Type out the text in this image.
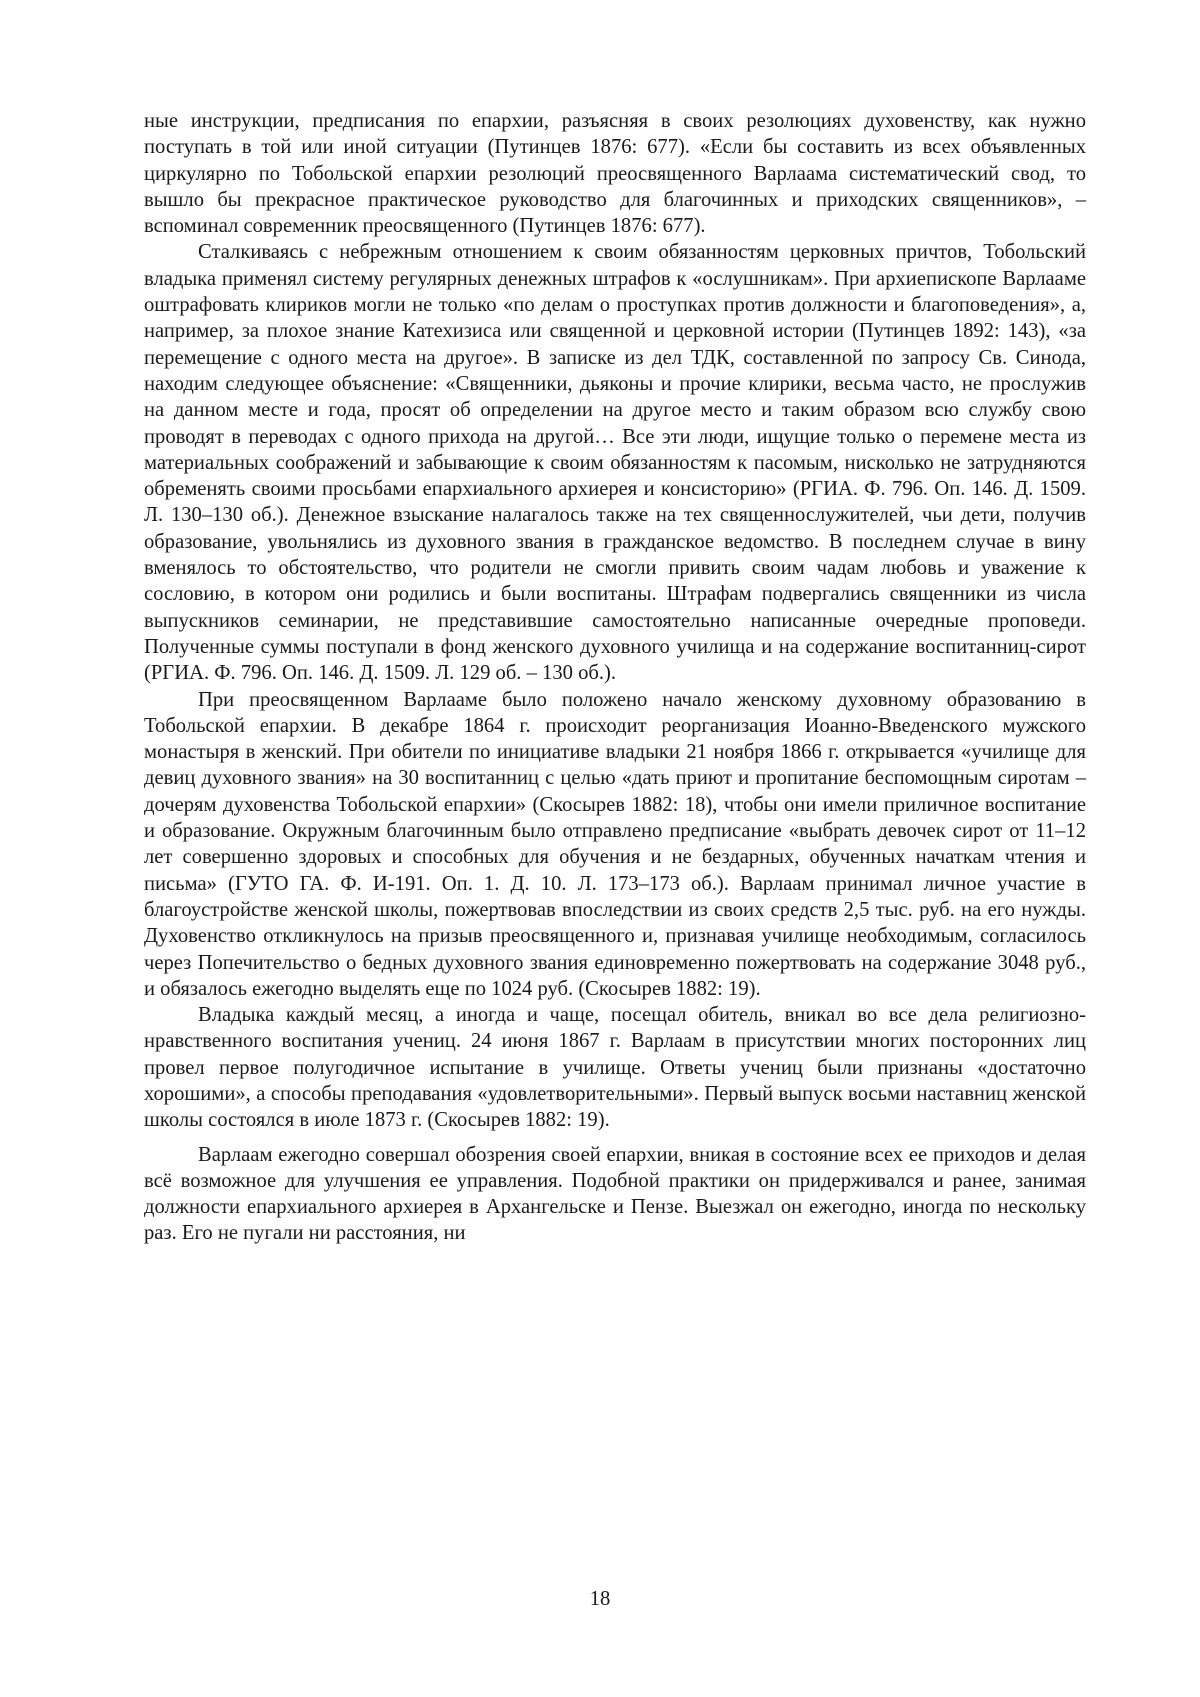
ные инструкции, предписания по епархии, разъясняя в своих резолюциях духовенству, как нужно поступать в той или иной ситуации (Путинцев 1876: 677). «Если бы составить из всех объявленных циркулярно по Тобольской епархии резолюций преосвященного Варлаама систематический свод, то вышло бы прекрасное практическое руководство для благочинных и приходских священников», – вспоминал современник преосвященного (Путинцев 1876: 677).

Сталкиваясь с небрежным отношением к своим обязанностям церковных причтов, Тобольский владыка применял систему регулярных денежных штрафов к «ослушникам». При архиепископе Варлааме оштрафовать клириков могли не только «по делам о проступках против должности и благоповедения», а, например, за плохое знание Катехизиса или священной и церковной истории (Путинцев 1892: 143), «за перемещение с одного места на другое». В записке из дел ТДК, составленной по запросу Св. Синода, находим следующее объяснение: «Священники, дьяконы и прочие клирики, весьма часто, не прослужив на данном месте и года, просят об определении на другое место и таким образом всю службу свою проводят в переводах с одного прихода на другой… Все эти люди, ищущие только о перемене места из материальных соображений и забывающие к своим обязанностям к пасомым, нисколько не затрудняются обременять своими просьбами епархиального архиерея и консисторию» (РГИА. Ф. 796. Оп. 146. Д. 1509. Л. 130–130 об.). Денежное взыскание налагалось также на тех священнослужителей, чьи дети, получив образование, увольнялись из духовного звания в гражданское ведомство. В последнем случае в вину вменялось то обстоятельство, что родители не смогли привить своим чадам любовь и уважение к сословию, в котором они родились и были воспитаны. Штрафам подвергались священники из числа выпускников семинарии, не представившие самостоятельно написанные очередные проповеди. Полученные суммы поступали в фонд женского духовного училища и на содержание воспитанниц-сирот (РГИА. Ф. 796. Оп. 146. Д. 1509. Л. 129 об. – 130 об.).

При преосвященном Варлааме было положено начало женскому духовному образованию в Тобольской епархии. В декабре 1864 г. происходит реорганизация Иоанно-Введенского мужского монастыря в женский. При обители по инициативе владыки 21 ноября 1866 г. открывается «училище для девиц духовного звания» на 30 воспитанниц с целью «дать приют и пропитание беспомощным сиротам – дочерям духовенства Тобольской епархии» (Скосырев 1882: 18), чтобы они имели приличное воспитание и образование. Окружным благочинным было отправлено предписание «выбрать девочек сирот от 11–12 лет совершенно здоровых и способных для обучения и не бездарных, обученных начаткам чтения и письма» (ГУТО ГА. Ф. И-191. Оп. 1. Д. 10. Л. 173–173 об.). Варлаам принимал личное участие в благоустройстве женской школы, пожертвовав впоследствии из своих средств 2,5 тыс. руб. на его нужды. Духовенство откликнулось на призыв преосвященного и, признавая училище необходимым, согласилось через Попечительство о бедных духовного звания единовременно пожертвовать на содержание 3048 руб., и обязалось ежегодно выделять еще по 1024 руб. (Скосырев 1882: 19).

Владыка каждый месяц, а иногда и чаще, посещал обитель, вникал во все дела религиозно-нравственного воспитания учениц. 24 июня 1867 г. Варлаам в присутствии многих посторонних лиц провел первое полугодичное испытание в училище. Ответы учениц были признаны «достаточно хорошими», а способы преподавания «удовлетворительными». Первый выпуск восьми наставниц женской школы состоялся в июле 1873 г. (Скосырев 1882: 19).

Варлаам ежегодно совершал обозрения своей епархии, вникая в состояние всех ее приходов и делая всё возможное для улучшения ее управления. Подобной практики он придерживался и ранее, занимая должности епархиального архиерея в Архангельске и Пензе. Выезжал он ежегодно, иногда по нескольку раз. Его не пугали ни расстояния, ни

18
